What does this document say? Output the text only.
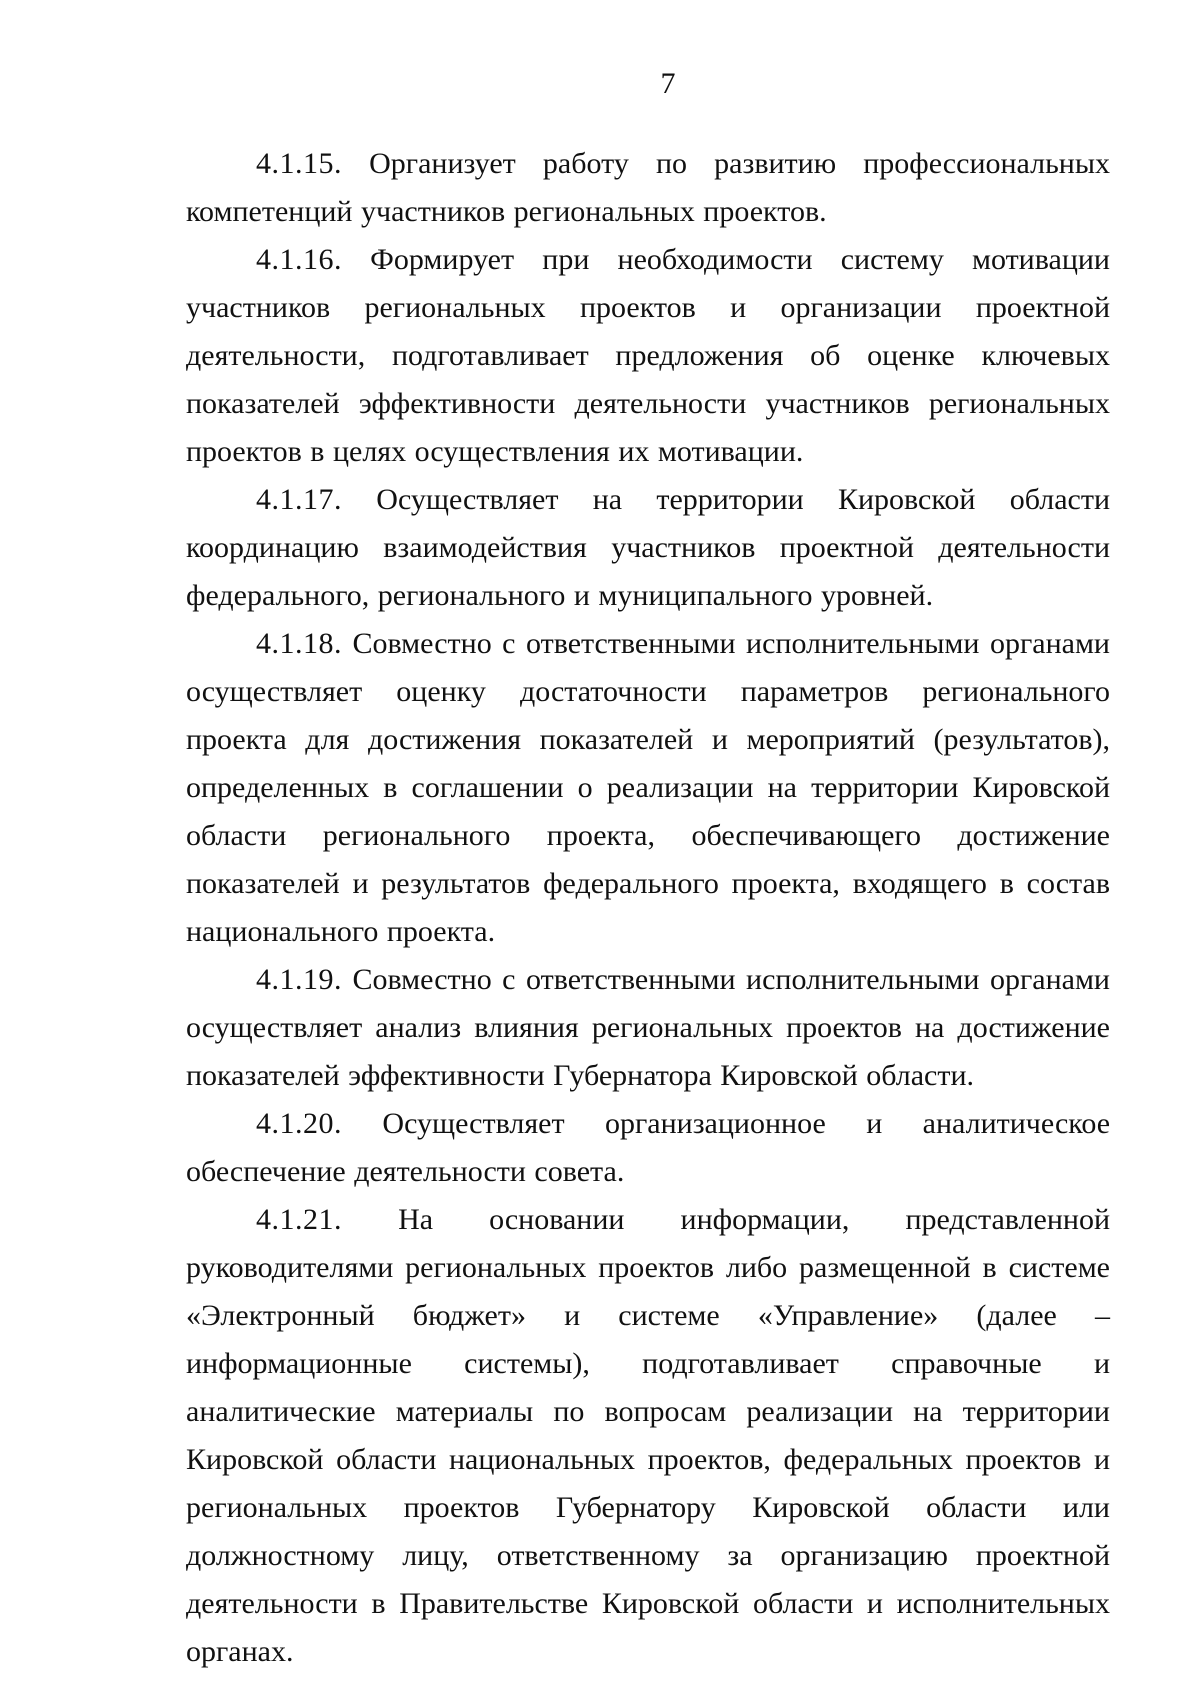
7

4.1.15. Организует работу по развитию профессиональных компетенций участников региональных проектов.

4.1.16. Формирует при необходимости систему мотивации участников региональных проектов и организации проектной деятельности, подготавливает предложения об оценке ключевых показателей эффективности деятельности участников региональных проектов в целях осуществления их мотивации.

4.1.17. Осуществляет на территории Кировской области координацию взаимодействия участников проектной деятельности федерального, регионального и муниципального уровней.

4.1.18. Совместно с ответственными исполнительными органами осуществляет оценку достаточности параметров регионального проекта для достижения показателей и мероприятий (результатов), определенных в соглашении о реализации на территории Кировской области регионального проекта, обеспечивающего достижение показателей и результатов федерального проекта, входящего в состав национального проекта.

4.1.19. Совместно с ответственными исполнительными органами осуществляет анализ влияния региональных проектов на достижение показателей эффективности Губернатора Кировской области.

4.1.20. Осуществляет организационное и аналитическое обеспечение деятельности совета.

4.1.21. На основании информации, представленной руководителями региональных проектов либо размещенной в системе «Электронный бюджет» и системе «Управление» (далее – информационные системы), подготавливает справочные и аналитические материалы по вопросам реализации на территории Кировской области национальных проектов, федеральных проектов и региональных проектов Губернатору Кировской области или должностному лицу, ответственному за организацию проектной деятельности в Правительстве Кировской области и исполнительных органах.
